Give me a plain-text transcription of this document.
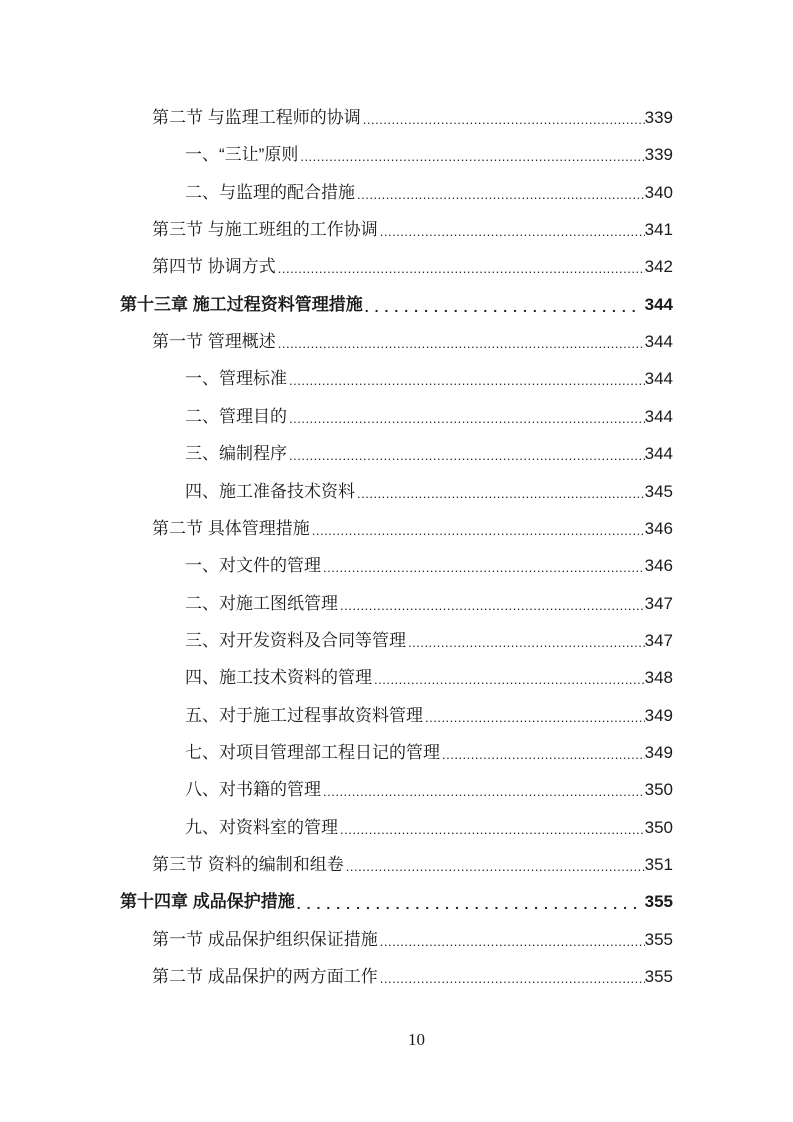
第二节 与监理工程师的协调 .....	339
一、“三让”原则 .....	339
二、与监理的配合措施 .....	340
第三节 与施工班组的工作协调 .....	341
第四节 协调方式 .....	342
第十三章 施工过程资料管理措施 .....	344
第一节 管理概述 .....	344
一、管理标准 .....	344
二、管理目的 .....	344
三、编制程序 .....	344
四、施工准备技术资料 .....	345
第二节 具体管理措施 .....	346
一、对文件的管理 .....	346
二、对施工图纸管理 .....	347
三、对开发资料及合同等管理 .....	347
四、施工技术资料的管理 .....	348
五、对于施工过程事故资料管理 .....	349
七、对项目管理部工程日记的管理 .....	349
八、对书籍的管理 .....	350
九、对资料室的管理 .....	350
第三节 资料的编制和组卷 .....	351
第十四章 成品保护措施 .....	355
第一节 成品保护组织保证措施 .....	355
第二节 成品保护的两方面工作 .....	355
10
